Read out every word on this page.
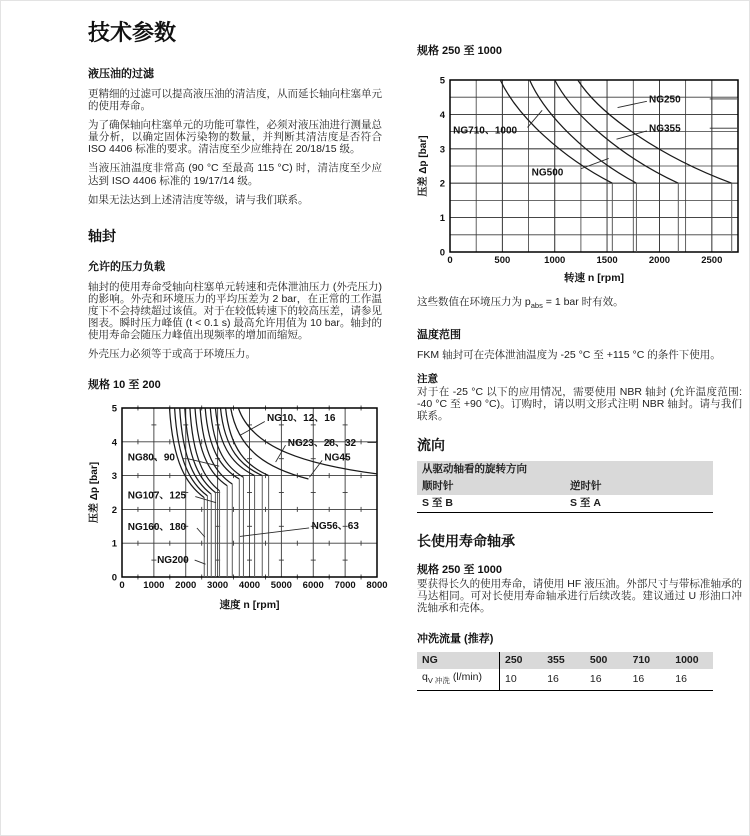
技术参数
液压油的过滤

更精细的过滤可以提高液压油的清洁度，从而延长轴向柱塞单元的使用寿命。

为了确保轴向柱塞单元的功能可靠性，必须对液压油进行测量总量分析，以确定固体污染物的数量，并判断其清洁度是否符合 ISO 4406 标准的要求。清洁度至少应维持在 20/18/15 级。

当液压油温度非常高 (90 °C 至最高 115 °C) 时，清洁度至少应达到 ISO 4406 标准的 19/17/14 级。

如果无法达到上述清洁度等级，请与我们联系。

轴封
允许的压力负载

轴封的使用寿命受轴向柱塞单元转速和壳体泄油压力 (外壳压力) 的影响。外壳和环境压力的平均压差为 2 bar，在正常的工作温度下不会持续超过该值。对于在较低转速下的较高压差，请参见图表。瞬时压力峰值 (t < 0.1 s) 最高允许用值为 10 bar。轴封的使用寿命会随压力峰值出现频率的增加而缩短。

外壳压力必须等于或高于环境压力。

规格 10 至 200
NG10、12、16
NG23、28、32
NG45
NG80、90
NG107、125
NG160、180	NG56、63
NG200
0 1000 2000 3000 4000 5000 6000 7000 8000
0
1
2
3
4
5
速度 n [rpm]
压差 Δp [bar]
规格 250 至 1000
NG250
NG355
NG710、1000
NG500
0	500	1000	1500	2000	2500
0
1
2
3
4
5
转速 n [rpm]
压差 Δp [bar]

这些数值在环境压力为 $p_{abs} = 1$ bar 时有效。

温度范围

FKM 轴封可在壳体泄油温度为 -25 °C 至 +115 °C 的条件下使用。

注意

对于在 -25 °C 以下的应用情况，需要使用 NBR 轴封 (允许温度范围: -40 °C 至 +90 °C)。订购时，请以明文形式注明 NBR 轴封。请与我们联系。

流向
从驱动轴看的旋转方向	
顺时针	逆时针
S 至 B	S 至 A
长使用寿命轴承
规格 250 至 1000

要获得长久的使用寿命，请使用 HF 液压油。外部尺寸与带标准轴承的马达相同。可对长使用寿命轴承进行后续改装。建议通过 U 形油口冲洗轴承和壳体。

冲洗流量 (推荐)
NG	250	355	500	710	1000
$q_{V 冲洗}$ (l/min)	10	16	16	16	16
